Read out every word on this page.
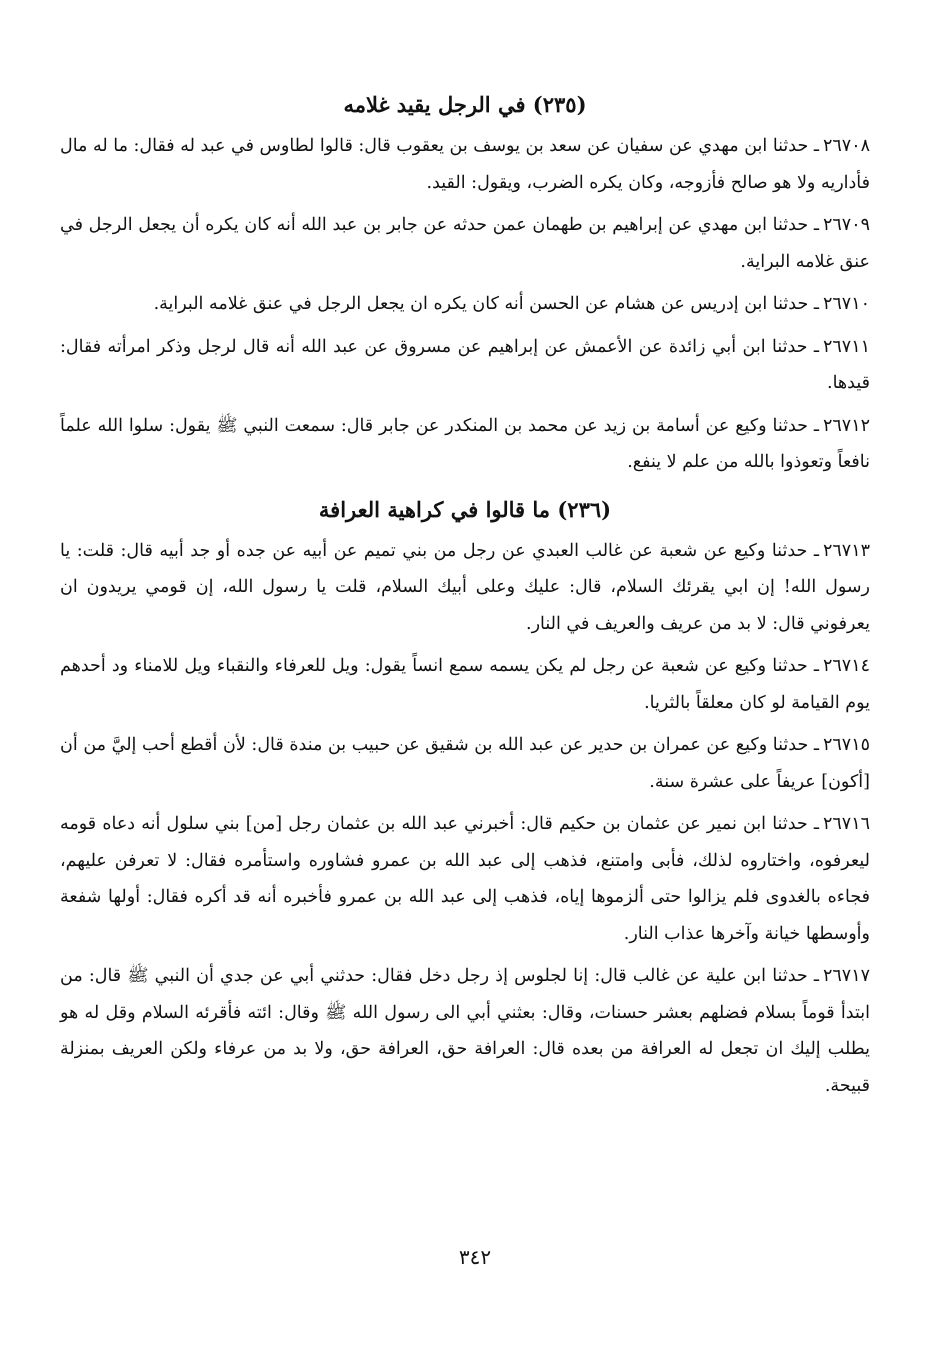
(٢٣٥) في الرجل يقيد غلامه

٢٦٧٠٨ـ حدثنا ابن مهدي عن سفيان عن سعد بن يوسف بن يعقوب قال: قالوا لطاوس في عبد له فقال: ما له مال فأداريه ولا هو صالح فأزوجه، وكان يكره الضرب، ويقول: القيد.

٢٦٧٠٩ـ حدثنا ابن مهدي عن إبراهيم بن طهمان عمن حدثه عن جابر بن عبد الله أنه كان يكره أن يجعل الرجل في عنق غلامه البراية.

٢٦٧١٠ـ حدثنا ابن إدريس عن هشام عن الحسن أنه كان يكره ان يجعل الرجل في عنق غلامه البراية.

٢٦٧١١ـ حدثنا ابن أبي زائدة عن الأعمش عن إبراهيم عن مسروق عن عبد الله أنه قال لرجل وذكر امرأته فقال: قيدها.

٢٦٧١٢ـ حدثنا وكيع عن أسامة بن زيد عن محمد بن المنكدر عن جابر قال: سمعت النبي ﷺ يقول: سلوا الله علماً نافعاً وتعوذوا بالله من علم لا ينفع.

(٢٣٦) ما قالوا في كراهية العرافة

٢٦٧١٣ـ حدثنا وكيع عن شعبة عن غالب العبدي عن رجل من بني تميم عن أبيه عن جده أو جد أبيه قال: قلت: يا رسول الله! إن ابي يقرئك السلام، قال: عليك وعلى أبيك السلام، قلت يا رسول الله، إن قومي يريدون ان يعرفوني قال: لا بد من عريف والعريف في النار.

٢٦٧١٤ـ حدثنا وكيع عن شعبة عن رجل لم يكن يسمه سمع انساً يقول: ويل للعرفاء والنقباء ويل للامناء ود أحدهم يوم القيامة لو كان معلقاً بالثريا.

٢٦٧١٥ـ حدثنا وكيع عن عمران بن حدير عن عبد الله بن شقيق عن حبيب بن مندة قال: لأن أقطع أحب إليَّ من أن [أكون] عريفاً على عشرة سنة.

٢٦٧١٦ـ حدثنا ابن نمير عن عثمان بن حكيم قال: أخبرني عبد الله بن عثمان رجل [من] بني سلول أنه دعاه قومه ليعرفوه، واختاروه لذلك، فأبى وامتنع، فذهب إلى عبد الله بن عمرو فشاوره واستأمره فقال: لا تعرفن عليهم، فجاءه بالغدوى فلم يزالوا حتى ألزموها إياه، فذهب إلى عبد الله بن عمرو فأخبره أنه قد أكره فقال: أولها شفعة وأوسطها خيانة وآخرها عذاب النار.

٢٦٧١٧ـ حدثنا ابن علية عن غالب قال: إنا لجلوس إذ رجل دخل فقال: حدثني أبي عن جدي أن النبي ﷺ قال: من ابتدأ قوماً بسلام فضلهم بعشر حسنات، وقال: بعثني أبي الى رسول الله ﷺ وقال: ائته فأقرئه السلام وقل له هو يطلب إليك ان تجعل له العرافة من بعده قال: العرافة حق، العرافة حق، ولا بد من عرفاء ولكن العريف بمنزلة قبيحة.

٣٤٢
